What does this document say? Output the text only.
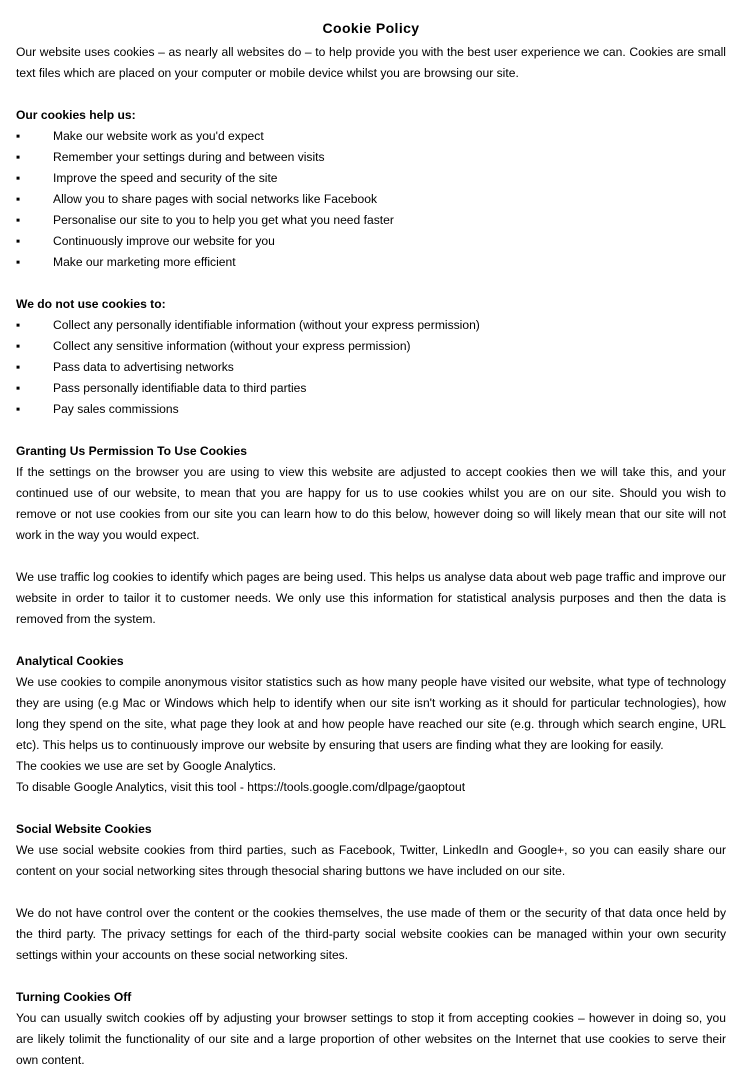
Cookie Policy

Our website uses cookies – as nearly all websites do – to help provide you with the best user experience we can. Cookies are small text files which are placed on your computer or mobile device whilst you are browsing our site.

Our cookies help us:
▪	Make our website work as you'd expect
▪	Remember your settings during and between visits
▪	Improve the speed and security of the site
▪	Allow you to share pages with social networks like Facebook
▪	Personalise our site to you to help you get what you need faster
▪	Continuously improve our website for you
▪	Make our marketing more efficient
We do not use cookies to:
▪	Collect any personally identifiable information (without your express permission)
▪	Collect any sensitive information (without your express permission)
▪	Pass data to advertising networks
▪	Pass personally identifiable data to third parties
▪	Pay sales commissions
Granting Us Permission To Use Cookies

If the settings on the browser you are using to view this website are adjusted to accept cookies then we will take this, and your continued use of our website, to mean that you are happy for us to use cookies whilst you are on our site. Should you wish to remove or not use cookies from our site you can learn how to do this below, however doing so will likely mean that our site will not work in the way you would expect.

We use traffic log cookies to identify which pages are being used. This helps us analyse data about web page traffic and improve our website in order to tailor it to customer needs. We only use this information for statistical analysis purposes and then the data is removed from the system.

Analytical Cookies

We use cookies to compile anonymous visitor statistics such as how many people have visited our website, what type of technology they are using (e.g Mac or Windows which help to identify when our site isn't working as it should for particular technologies), how long they spend on the site, what page they look at and how people have reached our site (e.g. through which search engine, URL etc). This helps us to continuously improve our website by ensuring that users are finding what they are looking for easily.

The cookies we use are set by Google Analytics.

To disable Google Analytics, visit this tool - https://tools.google.com/dlpage/gaoptout

Social Website Cookies

We use social website cookies from third parties, such as Facebook, Twitter, LinkedIn and Google+, so you can easily share our content on your social networking sites through thesocial sharing buttons we have included on our site.

We do not have control over the content or the cookies themselves, the use made of them or the security of that data once held by the third party. The privacy settings for each of the third-party social website cookies can be managed within your own security settings within your accounts on these social networking sites.

Turning Cookies Off

You can usually switch cookies off by adjusting your browser settings to stop it from accepting cookies – however in doing so, you are likely tolimit the functionality of our site and a large proportion of other websites on the Internet that use cookies to serve their own content.
